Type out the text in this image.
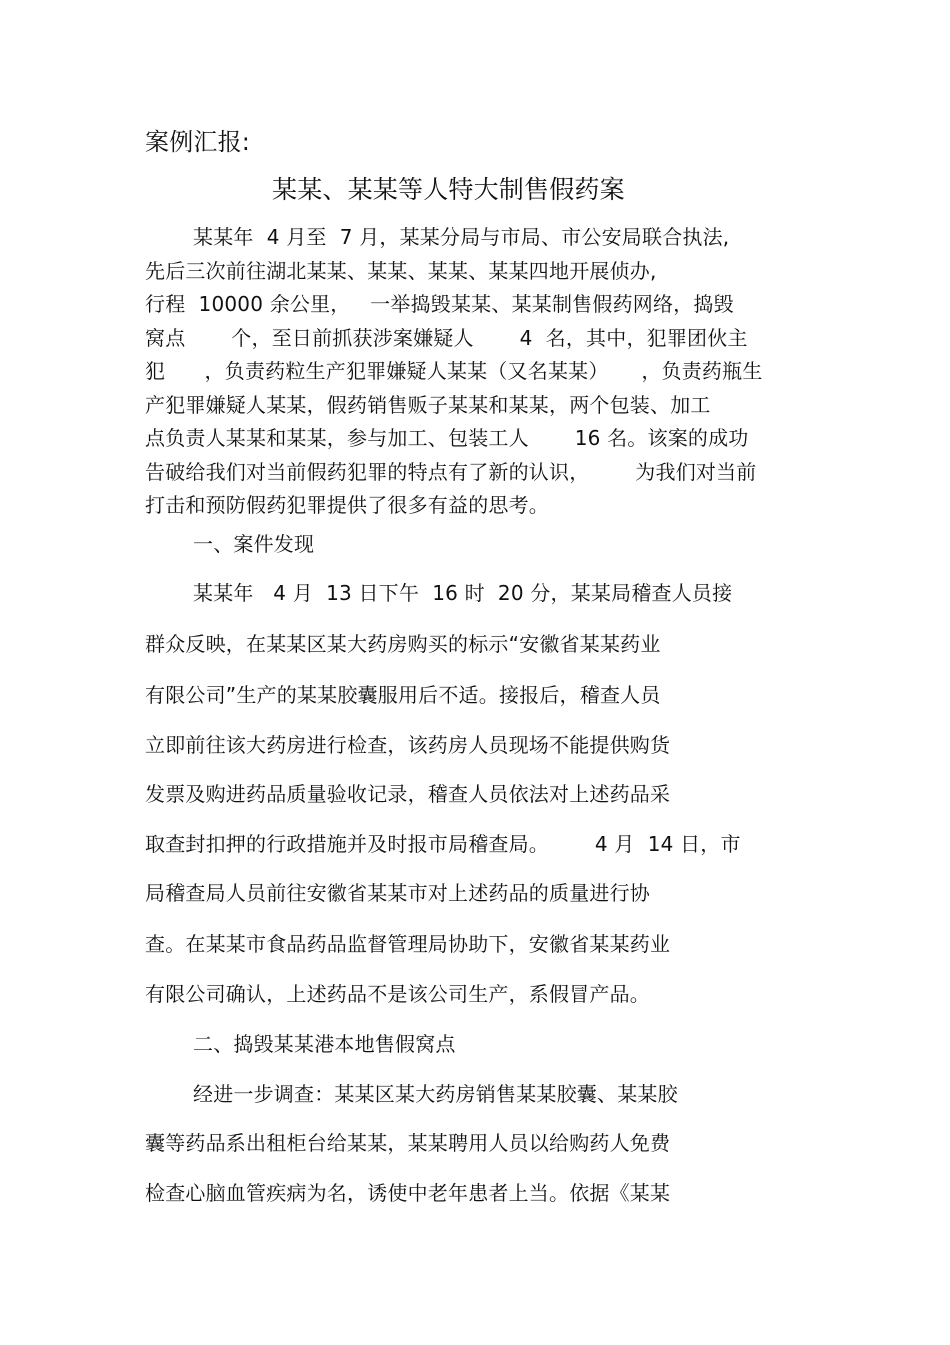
案例汇报:
某某、某某等人特大制售假药案
某某年  4 月至  7 月，某某分局与市局、市公安局联合执法,
先后三次前往湖北某某、某某、某某、某某四地开展侦办,
行程  10000 余公里，   一举捣毁某某、某某制售假药网络，捣毁
窝点       个，至日前抓获涉案嫌疑人       4  名，其中，犯罪团伙主
犯      ，负责药粒生产犯罪嫌疑人某某（又名某某）     ，负责药瓶生
产犯罪嫌疑人某某，假药销售贩子某某和某某，两个包装、加工
点负责人某某和某某，参与加工、包装工人       16 名。该案的成功
告破给我们对当前假药犯罪的特点有了新的认识，       为我们对当前
打击和预防假药犯罪提供了很多有益的思考。
一、案件发现
某某年   4 月  13 日下午  16 时  20 分，某某局稽查人员接
群众反映，在某某区某大药房购买的标示“安徽省某某药业
有限公司”生产的某某胶囊服用后不适。接报后，稽查人员
立即前往该大药房进行检查，该药房人员现场不能提供购货
发票及购进药品质量验收记录，稽查人员依法对上述药品采
取查封扣押的行政措施并及时报市局稽查局。       4 月  14 日，市
局稽查局人员前往安徽省某某市对上述药品的质量进行协
查。在某某市食品药品监督管理局协助下，安徽省某某药业
有限公司确认，上述药品不是该公司生产，系假冒产品。
二、捣毁某某港本地售假窝点
经进一步调查：某某区某大药房销售某某胶囊、某某胶
囊等药品系出租柜台给某某，某某聘用人员以给购药人免费
检查心脑血管疾病为名，诱使中老年患者上当。依据《某某
